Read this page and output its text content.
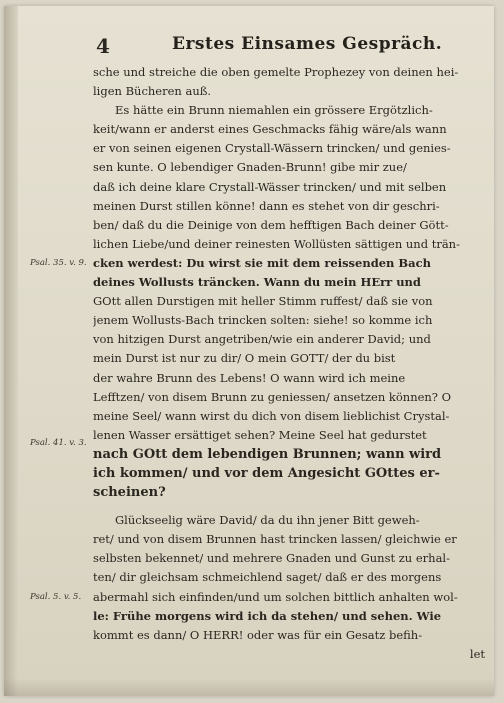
4	Erstes Einsames Gespräch.
sche und streiche die oben gemelte Prophezey von deinen hei-
ligen Bücheren auß.
Es hätte ein Brunn niemahlen ein grössere Ergötzlich-
keit/wann er anderst eines Geschmacks fähig wäre/als wann
er von seinen eigenen Crystall-Wässern trincken/ und genies-
sen kunte. O lebendiger Gnaden-Brunn! gibe mir zue/
daß ich deine klare Crystall-Wässer trincken/ und mit selben
meinen Durst stillen könne! dann es stehet von dir geschri-
ben/ daß du die Deinige von dem hefftigen Bach deiner Gött-
lichen Liebe/und deiner reinesten Wollüsten sättigen und trän-
cken werdest: Du wirst sie mit dem reissenden Bach
deines Wollusts träncken. Wann du mein HErr und
GOtt allen Durstigen mit heller Stimm ruffest/ daß sie von
jenem Wollusts-Bach trincken solten: siehe! so komme ich
von hitzigen Durst angetriben/wie ein anderer David; und
mein Durst ist nur zu dir/ O mein GOTT/ der du bist
der wahre Brunn des Lebens! O wann wird ich meine
Lefftzen/ von disem Brunn zu geniessen/ ansetzen können? O
meine Seel/ wann wirst du dich von disem lieblichist Crystal-
lenen Wasser ersättiget sehen? Meine Seel hat gedurstet
nach GOtt dem lebendigen Brunnen; wann wird
ich kommen/ und vor dem Angesicht GOttes er-
scheinen?
Glückseelig wäre David/ da du ihn jener Bitt geweh-
ret/ und von disem Brunnen hast trincken lassen/ gleichwie er
selbsten bekennet/ und mehrere Gnaden und Gunst zu erhal-
ten/ dir gleichsam schmeichlend saget/ daß er des morgens
abermahl sich einfinden/und um solchen bittlich anhalten wol-
le: Frühe morgens wird ich da stehen/ und sehen. Wie
kommt es dann/ O HERR! oder was für ein Gesatz befih-
let
Psal. 35. v. 9.
Psal. 41. v. 3.
Psal. 5. v. 5.
